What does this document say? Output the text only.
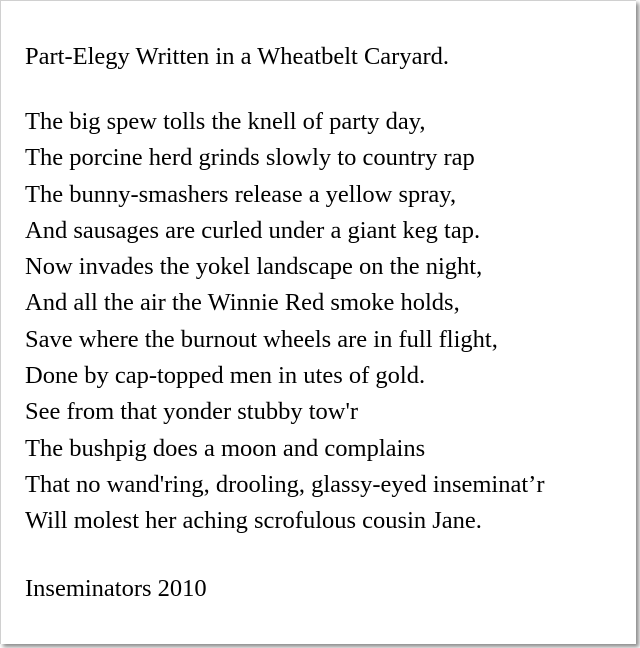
Part-Elegy Written in a Wheatbelt Caryard.
The big spew tolls the knell of party day,
The porcine herd grinds slowly to country rap
The bunny-smashers release a yellow spray,
And sausages are curled under a giant keg tap.
Now invades the yokel landscape on the night,
And all the air the Winnie Red smoke holds,
Save where the burnout wheels are in full flight,
Done by cap-topped men in utes of gold.
See from that yonder stubby tow'r
The bushpig does a moon and complains
That no wand'ring, drooling, glassy-eyed inseminat’r
Will molest her aching scrofulous cousin Jane.
Inseminators 2010
